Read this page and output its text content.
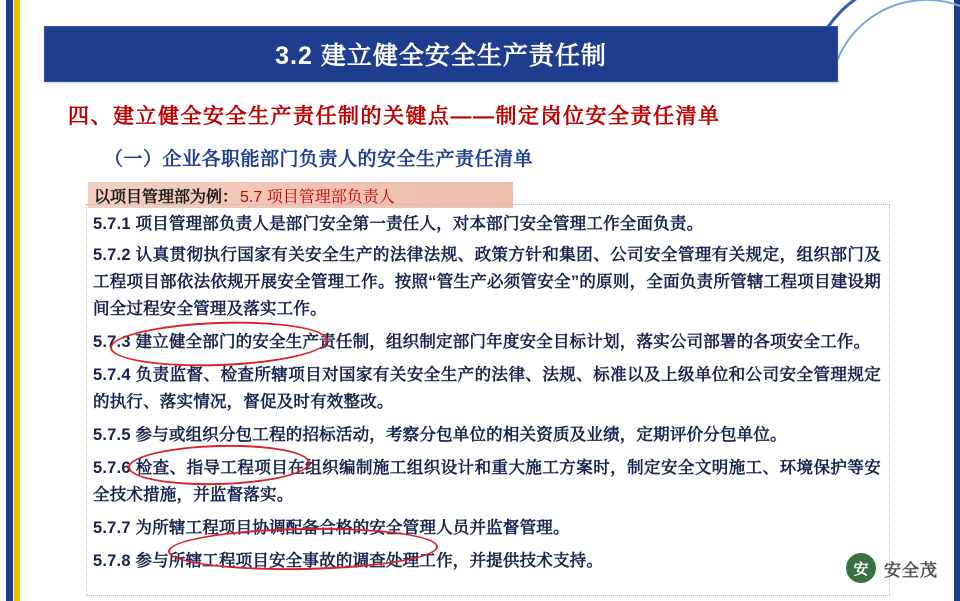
3.2 建立健全安全生产责任制
四、建立健全安全生产责任制的关键点——制定岗位安全责任清单
（一）企业各职能部门负责人的安全生产责任清单
以项目管理部为例： 5.7 项目管理部负责人

5.7.1 项目管理部负责人是部门安全第一责任人，对本部门安全管理工作全面负责。

5.7.2 认真贯彻执行国家有关安全生产的法律法规、政策方针和集团、公司安全管理有关规定，组织部门及工程项目部依法依规开展安全管理工作。按照“管生产必须管安全”的原则，全面负责所管辖工程项目建设期间全过程安全管理及落实工作。

5.7.3 建立健全部门的安全生产责任制，组织制定部门年度安全目标计划，落实公司部署的各项安全工作。

5.7.4 负责监督、检查所辖项目对国家有关安全生产的法律、法规、标准以及上级单位和公司安全管理规定的执行、落实情况，督促及时有效整改。

5.7.5 参与或组织分包工程的招标活动，考察分包单位的相关资质及业绩，定期评价分包单位。

5.7.6 检查、指导工程项目在组织编制施工组织设计和重大施工方案时，制定安全文明施工、环境保护等安全技术措施，并监督落实。

5.7.7 为所辖工程项目协调配备合格的安全管理人员并监督管理。

5.7.8 参与所辖工程项目安全事故的调查处理工作，并提供技术支持。	安 安全茂
